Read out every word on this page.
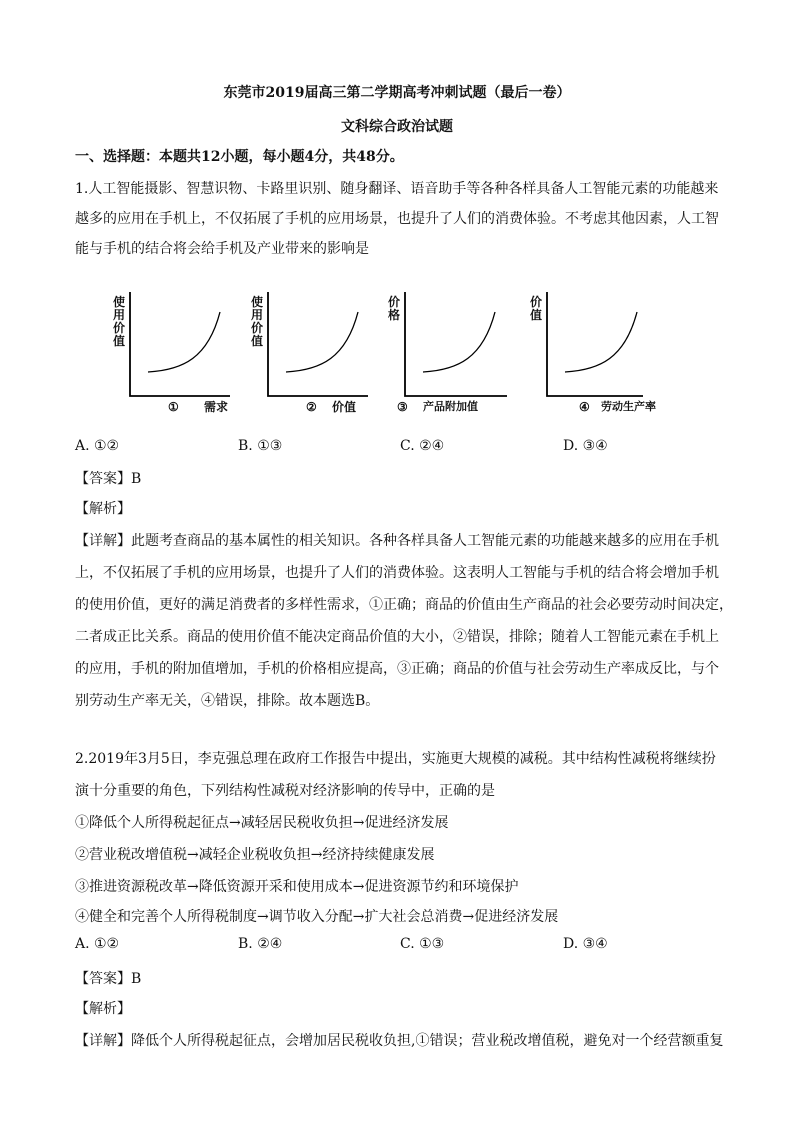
东莞市2019届高三第二学期高考冲刺试题（最后一卷）
文科综合政治试题
一、选择题：本题共12小题，每小题4分，共48分。
1.人工智能摄影、智慧识物、卡路里识别、随身翻译、语音助手等各种各样具备人工智能元素的功能越来
越多的应用在手机上，不仅拓展了手机的应用场景，也提升了人们的消费体验。不考虑其他因素，人工智
能与手机的结合将会给手机及产业带来的影响是
使用价值
① 需求
使用价值
② 价值
价格
③ 产品附加值
价值
④ 劳动生产率
A. ①②	B. ①③	C. ②④	D. ③④
【答案】B
【解析】
【详解】此题考查商品的基本属性的相关知识。各种各样具备人工智能元素的功能越来越多的应用在手机
上，不仅拓展了手机的应用场景，也提升了人们的消费体验。这表明人工智能与手机的结合将会增加手机
的使用价值，更好的满足消费者的多样性需求，①正确；商品的价值由生产商品的社会必要劳动时间决定，
二者成正比关系。商品的使用价值不能决定商品价值的大小，②错误，排除；随着人工智能元素在手机上
的应用，手机的附加值增加，手机的价格相应提高，③正确；商品的价值与社会劳动生产率成反比，与个
别劳动生产率无关，④错误，排除。故本题选B。
2.2019年3月5日，李克强总理在政府工作报告中提出，实施更大规模的减税。其中结构性减税将继续扮
演十分重要的角色，下列结构性减税对经济影响的传导中，正确的是
①降低个人所得税起征点→减轻居民税收负担→促进经济发展
②营业税改增值税→减轻企业税收负担→经济持续健康发展
③推进资源税改革→降低资源开采和使用成本→促进资源节约和环境保护
④健全和完善个人所得税制度→调节收入分配→扩大社会总消费→促进经济发展
A. ①②	B. ②④	C. ①③	D. ③④
【答案】B
【解析】
【详解】降低个人所得税起征点，会增加居民税收负担,①错误；营业税改增值税，避免对一个经营额重复
